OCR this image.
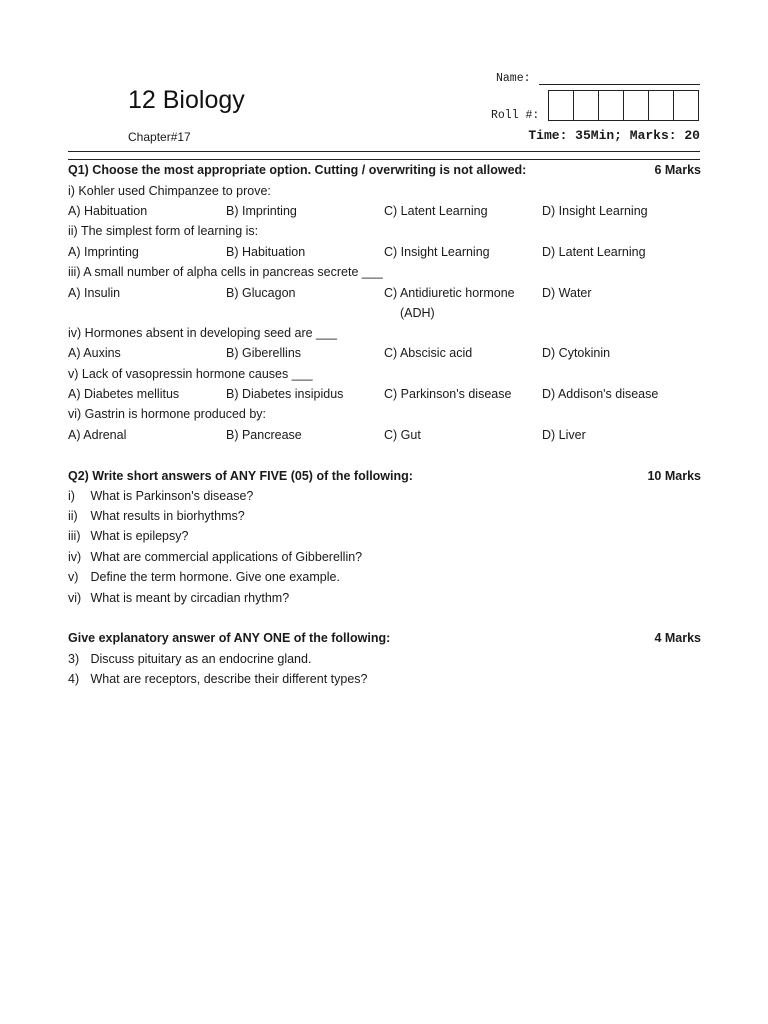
12 Biology
Chapter#17
Name:
Roll #:
Time: 35Min; Marks: 20
Q1) Choose the most appropriate option. Cutting / overwriting is not allowed:	6 Marks
i) Kohler used Chimpanzee to prove:
A) Habituation	B) Imprinting	C) Latent Learning	D) Insight Learning
ii) The simplest form of learning is:
A) Imprinting	B) Habituation	C) Insight Learning	D) Latent Learning
iii) A small number of alpha cells in pancreas secrete ___
A) Insulin	B) Glucagon	C) Antidiuretic hormone D) Water
(ADH)
iv) Hormones absent in developing seed are ___
A) Auxins	B) Giberellins	C) Abscisic acid	D) Cytokinin
v) Lack of vasopressin hormone causes ___
A) Diabetes mellitus	B) Diabetes insipidus	C) Parkinson's disease D) Addison's disease
vi) Gastrin is hormone produced by:
A) Adrenal	B) Pancrease	C) Gut	D) Liver
Q2) Write short answers of ANY FIVE (05) of the following:	10 Marks
i) What is Parkinson's disease?
ii) What results in biorhythms?
iii) What is epilepsy?
iv) What are commercial applications of Gibberellin?
v) Define the term hormone. Give one example.
vi) What is meant by circadian rhythm?
Give explanatory answer of ANY ONE of the following:	4 Marks
3) Discuss pituitary as an endocrine gland.
4) What are receptors, describe their different types?
